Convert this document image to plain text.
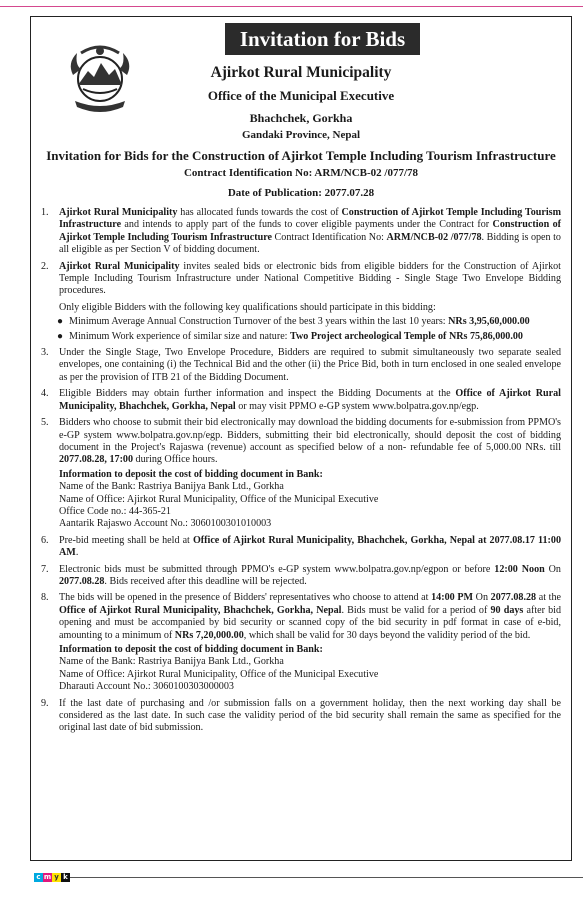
Invitation for Bids
Ajirkot Rural Municipality
Office of the Municipal Executive
Bhachchek, Gorkha
Gandaki Province, Nepal
Invitation for Bids for the Construction of Ajirkot Temple Including Tourism Infrastructure
Contract Identification No: ARM/NCB-02 /077/78
Date of Publication: 2077.07.28
1. Ajirkot Rural Municipality has allocated funds towards the cost of Construction of Ajirkot Temple Including Tourism Infrastructure and intends to apply part of the funds to cover eligible payments under the Contract for Construction of Ajirkot Temple Including Tourism Infrastructure Contract Identification No: ARM/NCB-02 /077/78. Bidding is open to all eligible as per Section V of bidding document.
2. Ajirkot Rural Municipality invites sealed bids or electronic bids from eligible bidders for the Construction of Ajirkot Temple Including Tourism Infrastructure under National Competitive Bidding - Single Stage Two Envelope Bidding procedures.
Only eligible Bidders with the following key qualifications should participate in this bidding:
● Minimum Average Annual Construction Turnover of the best 3 years within the last 10 years: NRs 3,95,60,000.00
● Minimum Work experience of similar size and nature: Two Project archeological Temple of NRs 75,86,000.00
3. Under the Single Stage, Two Envelope Procedure, Bidders are required to submit simultaneously two separate sealed envelopes, one containing (i) the Technical Bid and the other (ii) the Price Bid, both in turn enclosed in one sealed envelope as per the provision of ITB 21 of the Bidding Document.
4. Eligible Bidders may obtain further information and inspect the Bidding Documents at the Office of Ajirkot Rural Municipality, Bhachchek, Gorkha, Nepal or may visit PPMO e-GP system www.bolpatra.gov.np/egp.
5. Bidders who choose to submit their bid electronically may download the bidding documents for e-submission from PPMO's e-GP system www.bolpatra.gov.np/egp. Bidders, submitting their bid electronically, should deposit the cost of bidding document in the Project's Rajaswa (revenue) account as specified below of a non- refundable fee of 5,000.00 NRs. till 2077.08.28, 17:00 during Office hours.
Information to deposit the cost of bidding document in Bank:
Name of the Bank: Rastriya Banijya Bank Ltd., Gorkha
Name of Office: Ajirkot Rural Municipality, Office of the Municipal Executive
Office Code no.: 44-365-21
Aantarik Rajaswo Account No.: 3060100301010003
6. Pre-bid meeting shall be held at Office of Ajirkot Rural Municipality, Bhachchek, Gorkha, Nepal at 2077.08.17 11:00 AM.
7. Electronic bids must be submitted through PPMO's e-GP system www.bolpatra.gov.np/egpon or before 12:00 Noon On 2077.08.28. Bids received after this deadline will be rejected.
8. The bids will be opened in the presence of Bidders' representatives who choose to attend at 14:00 PM On 2077.08.28 at the Office of Ajirkot Rural Municipality, Bhachchek, Gorkha, Nepal. Bids must be valid for a period of 90 days after bid opening and must be accompanied by bid security or scanned copy of the bid security in pdf format in case of e-bid, amounting to a minimum of NRs 7,20,000.00, which shall be valid for 30 days beyond the validity period of the bid.
Information to deposit the cost of bidding document in Bank:
Name of the Bank: Rastriya Banijya Bank Ltd., Gorkha
Name of Office: Ajirkot Rural Municipality, Office of the Municipal Executive
Dharauti Account No.: 3060100303000003
9. If the last date of purchasing and /or submission falls on a government holiday, then the next working day shall be considered as the last date. In such case the validity period of the bid security shall remain the same as specified for the original last date of bid submission.
c m y k
